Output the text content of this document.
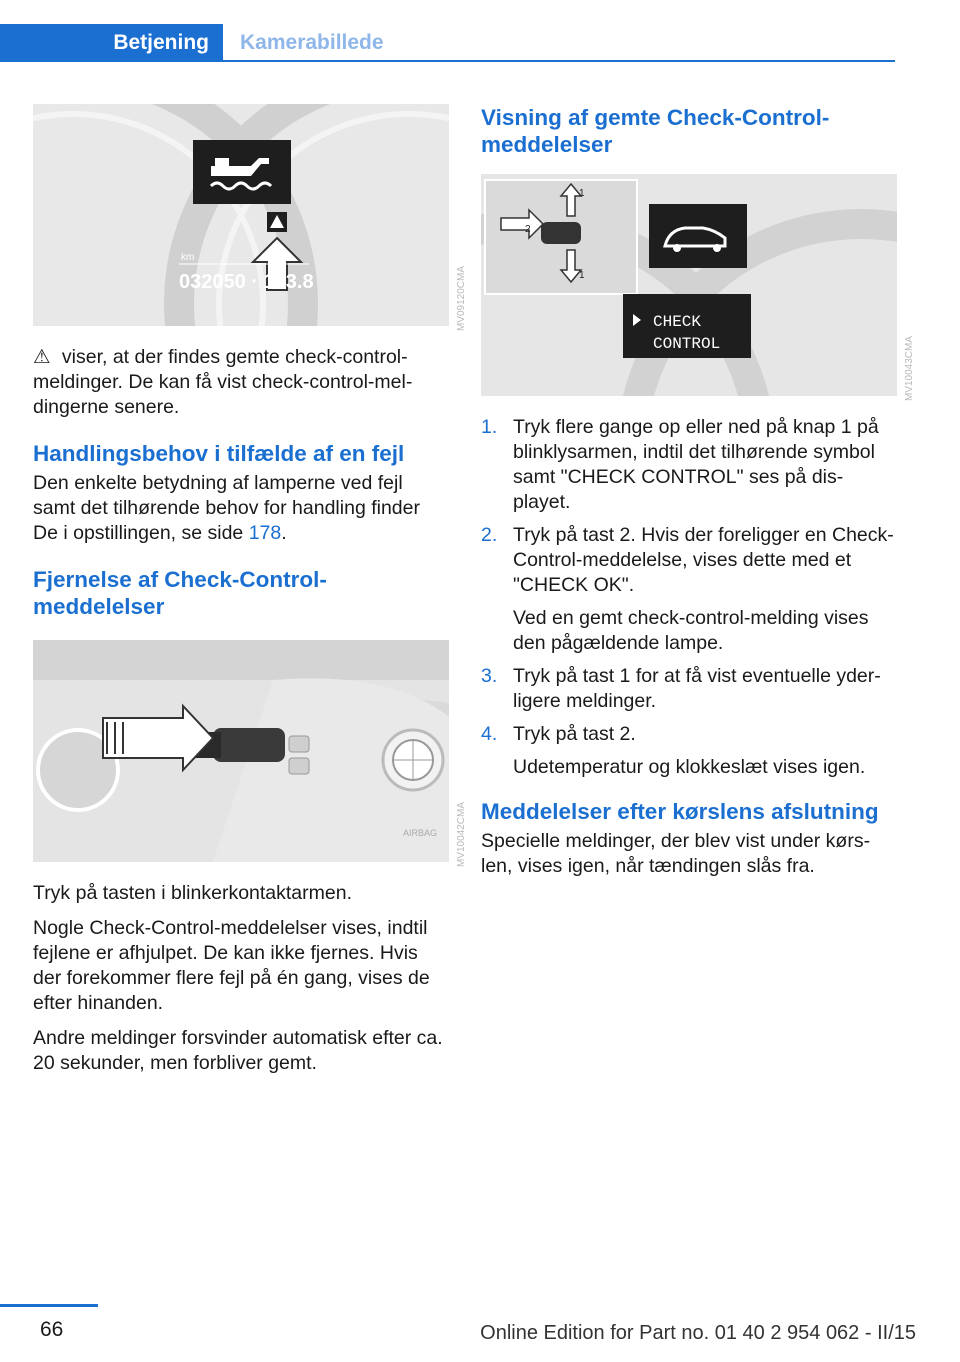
Betjening	Kamerabillede
km
032050 · 123.8	MV09120CMA

⚠ viser, at der findes gemte check-control-meldinger. De kan få vist check-control-mel-dingerne senere.

Handlingsbehov i tilfælde af en fejl

Den enkelte betydning af lamperne ved fejl samt det tilhørende behov for handling finder De i opstillingen, se side 178.

Fjernelse af Check-Control-meddelelser
AIRBAG MV10042CMA

Tryk på tasten i blinkerkontaktarmen.

Nogle Check-Control-meddelelser vises, indtil fejlene er afhjulpet. De kan ikke fjernes. Hvis der forekommer flere fejl på én gang, vises de efter hinanden.

Andre meldinger forsvinder automatisk efter ca. 20 sekunder, men forbliver gemt.

Visning af gemte Check-Control-meddelelser
1
1
2
CHECK
CONTROL	MV10043CMA
1. Tryk flere gange op eller ned på knap 1 på blinklysarmen, indtil det tilhørende symbol samt "CHECK CONTROL" ses på dis-playet.
2. Tryk på tast 2. Hvis der foreligger en Check-Control-meddelelse, vises dette med et "CHECK OK".
Ved en gemt check-control-melding vises den pågældende lampe.
3. Tryk på tast 1 for at få vist eventuelle yder-ligere meldinger.
4. Tryk på tast 2.
Udetemperatur og klokkeslæt vises igen.
Meddelelser efter kørslens afslutning

Specielle meldinger, der blev vist under kørs-len, vises igen, når tændingen slås fra.

66	Online Edition for Part no. 01 40 2 954 062 - II/15
